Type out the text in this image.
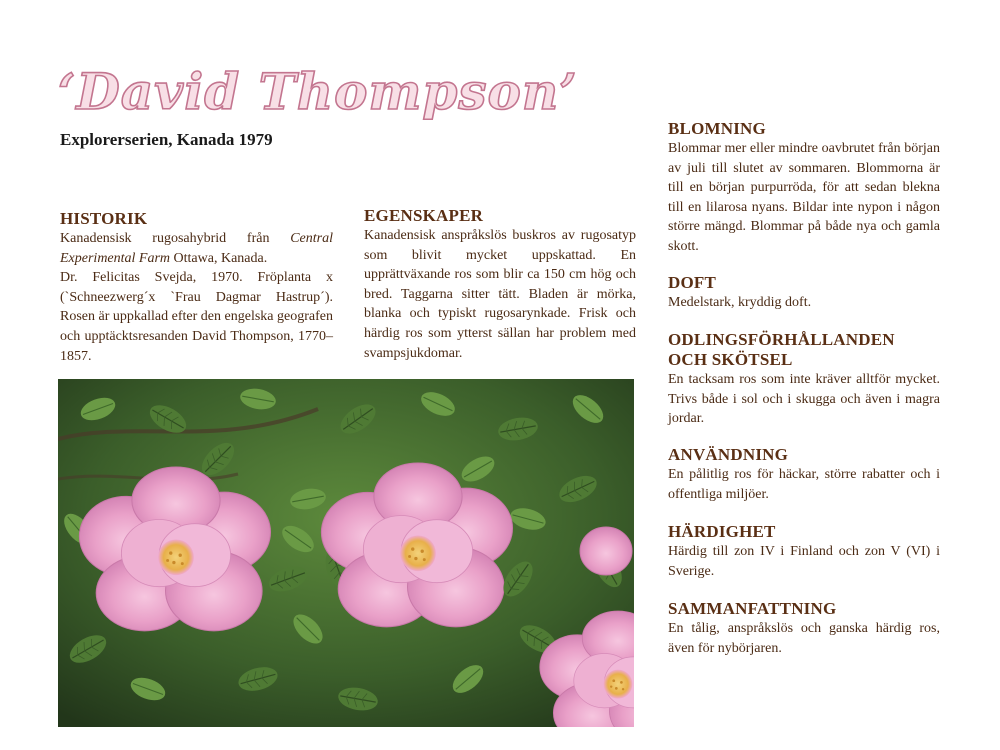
‘David Thompson’
Explorerserien, Kanada 1979
HISTORIK

Kanadensisk rugosahybrid från Central Experimental Farm Ottawa, Kanada.
Dr. Felicitas Svejda, 1970. Fröplanta x (`Schneezwerg´x `Frau Dagmar Hastrup´). Rosen är uppkallad efter den engelska geografen och upptäcktsresanden David Thompson, 1770–1857.

EGENSKAPER

Kanadensisk anspråkslös buskros av rugosatyp som blivit mycket uppskattad. En upprättväxande ros som blir ca 150 cm hög och bred. Taggarna sitter tätt. Bladen är mörka, blanka och typiskt rugosarynkade. Frisk och härdig ros som ytterst sällan har problem med svampsjukdomar.

BLOMNING

Blommar mer eller mindre oavbrutet från början av juli till slutet av sommaren. Blommorna är till en början purpurröda, för att sedan blekna till en lilarosa nyans. Bildar inte nypon i någon större mängd. Blommar på både nya och gamla skott.

DOFT

Medelstark, kryddig doft.

ODLINGSFÖRHÅLLANDEN
OCH SKÖTSEL

En tacksam ros som inte kräver alltför mycket. Trivs både i sol och i skugga och även i magra jordar.

ANVÄNDNING

En pålitlig ros för häckar, större rabatter och i offentliga miljöer.

HÄRDIGHET

Härdig till zon IV i Finland och zon V (VI) i Sverige.

SAMMANFATTNING

En tålig, anspråkslös och ganska härdig ros, även för nybörjaren.
